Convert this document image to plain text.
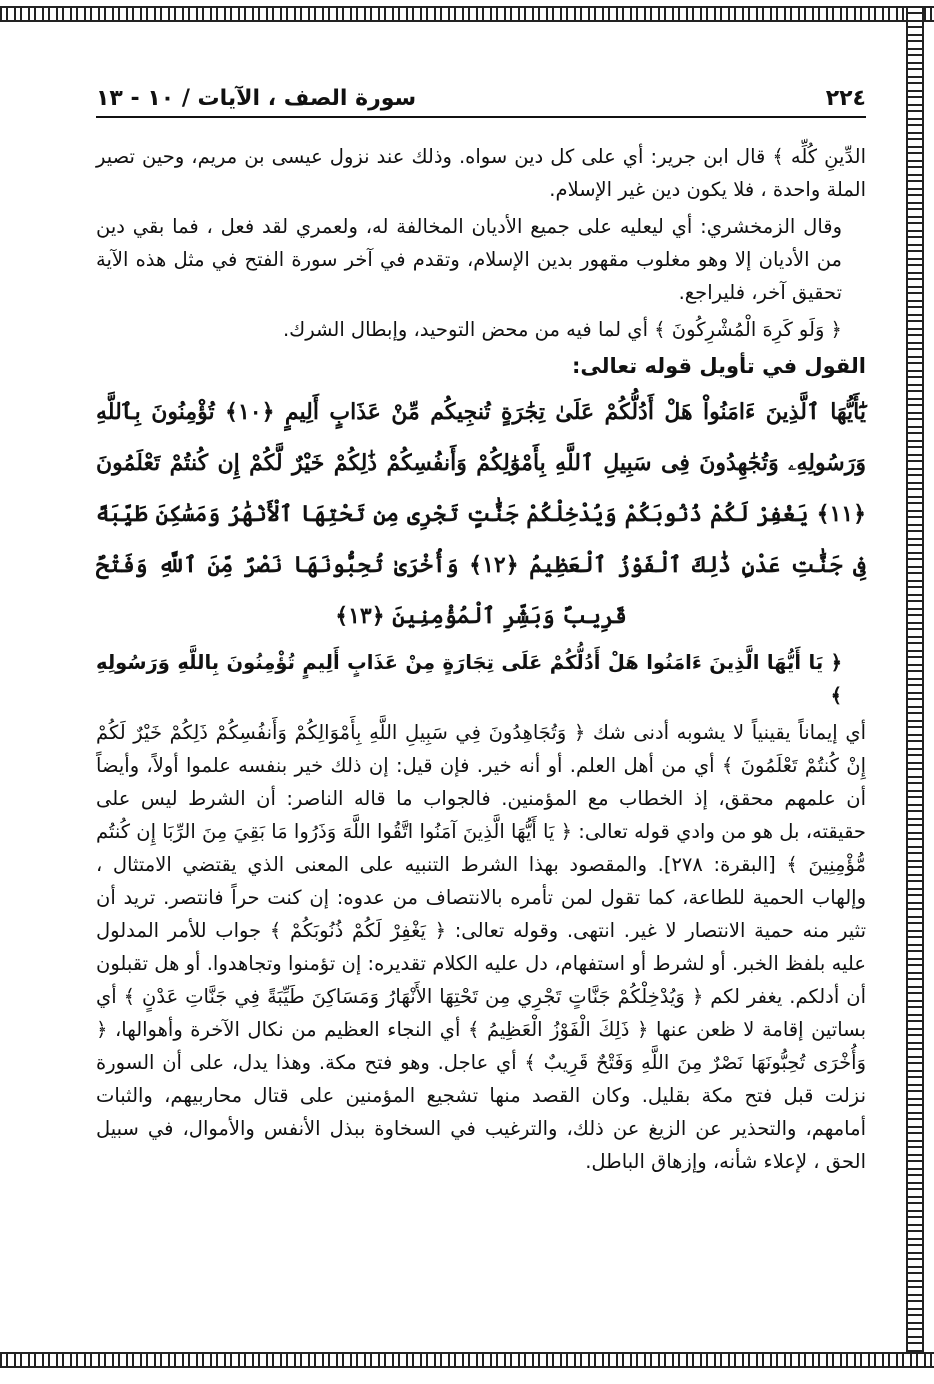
٢٢٤
سورة الصف ، الآيات / ١٠ - ١٣

الدِّينِ كُلِّه ﴾ قال ابن جرير: أي على كل دين سواه. وذلك عند نزول عيسى بن مريم، وحين تصير الملة واحدة ، فلا يكون دين غير الإسلام.

وقال الزمخشري: أي ليعليه على جميع الأديان المخالفة له، ولعمري لقد فعل ، فما بقي دين من الأديان إلا وهو مغلوب مقهور بدين الإسلام، وتقدم في آخر سورة الفتح في مثل هذه الآية تحقيق آخر، فليراجع.

﴿ وَلَو كَرِهَ الْمُشْرِكُونَ ﴾ أي لما فيه من محض التوحيد، وإبطال الشرك.

القول في تأويل قوله تعالى:

يَٰٓأَيُّهَا ٱلَّذِينَ ءَامَنُواْ هَلْ أَدُلُّكُمْ عَلَىٰ تِجَٰرَةٍ تُنجِيكُم مِّنْ عَذَابٍ أَلِيمٍ ﴿١٠﴾ تُؤْمِنُونَ بِٱللَّهِ وَرَسُولِهِۦ وَتُجَٰهِدُونَ فِى سَبِيلِ ٱللَّهِ بِأَمْوَٰلِكُمْ وَأَنفُسِكُمْ ذَٰلِكُمْ خَيْرٌ لَّكُمْ إِن كُنتُمْ تَعْلَمُونَ ﴿١١﴾ يَغْفِرْ لَكُمْ ذُنُوبَكُمْ وَيُدْخِلْكُمْ جَنَّٰتٍ تَجْرِى مِن تَحْتِهَا ٱلْأَنْهَٰرُ وَمَسَٰكِنَ طَيِّبَةً فِى جَنَّٰتِ عَدْنٍ ذَٰلِكَ ٱلْفَوْزُ ٱلْعَظِيمُ ﴿١٢﴾ وَأُخْرَىٰ تُحِبُّونَهَا نَصْرٌ مِّنَ ٱللَّهِ وَفَتْحٌ قَرِيبٌ وَبَشِّرِ ٱلْمُؤْمِنِينَ ﴿١٣﴾

﴿ يَا أَيُّهَا الَّذِينَ ءَامَنُوا هَلْ أَدُلُّكُمْ عَلَى تِجَارَةٍ مِنْ عَذَابٍ أَلِيمٍ تُؤْمِنُونَ بِاللَّهِ وَرَسُولِهِ ﴾

أي إيماناً يقينياً لا يشوبه أدنى شك ﴿ وَتُجَاهِدُونَ فِي سَبِيلِ اللَّهِ بِأَمْوَالِكُمْ وَأَنفُسِكُمْ ذَلِكُمْ خَيْرٌ لَكُمْ إِنْ كُنتُمْ تَعْلَمُونَ ﴾ أي من أهل العلم. أو أنه خير. فإن قيل: إن ذلك خير بنفسه علموا أولاً، وأيضاً أن علمهم محقق، إذ الخطاب مع المؤمنين. فالجواب ما قاله الناصر: أن الشرط ليس على حقيقته، بل هو من وادي قوله تعالى: ﴿ يَا أَيُّهَا الَّذِينَ آمَنُوا اتَّقُوا اللَّهَ وَذَرُوا مَا بَقِيَ مِنَ الرِّبَا إِن كُنتُم مُّؤْمِنِينَ ﴾ [البقرة: ٢٧٨]. والمقصود بهذا الشرط التنبيه على المعنى الذي يقتضي الامتثال ، وإلهاب الحمية للطاعة، كما تقول لمن تأمره بالانتصاف من عدوه: إن كنت حراً فانتصر. تريد أن تثير منه حمية الانتصار لا غير. انتهى. وقوله تعالى: ﴿ يَغْفِرْ لَكُمْ ذُنُوبَكُمْ ﴾ جواب للأمر المدلول عليه بلفظ الخبر. أو لشرط أو استفهام، دل عليه الكلام تقديره: إن تؤمنوا وتجاهدوا. أو هل تقبلون أن أدلكم. يغفر لكم ﴿ وَيُدْخِلْكُمْ جَنَّاتٍ تَجْرِي مِن تَحْتِهَا الأَنْهَارُ وَمَسَاكِنَ طَيِّبَةً فِي جَنَّاتِ عَدْنٍ ﴾ أي بساتين إقامة لا ظعن عنها ﴿ ذَلِكَ الْفَوْزُ الْعَظِيمُ ﴾ أي النجاء العظيم من نكال الآخرة وأهوالها، ﴿ وَأُخْرَى تُحِبُّونَهَا نَصْرٌ مِنَ اللَّهِ وَفَتْحٌ قَرِيبٌ ﴾ أي عاجل. وهو فتح مكة. وهذا يدل، على أن السورة نزلت قبل فتح مكة بقليل. وكان القصد منها تشجيع المؤمنين على قتال محاربيهم، والثبات أمامهم، والتحذير عن الزيغ عن ذلك، والترغيب في السخاوة ببذل الأنفس والأموال، في سبيل الحق ، لإعلاء شأنه، وإزهاق الباطل.
